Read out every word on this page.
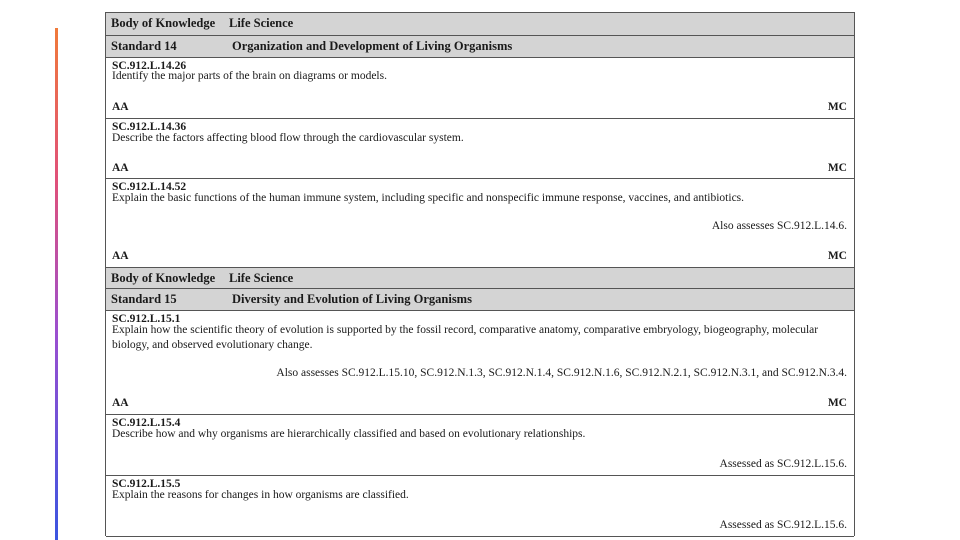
Body of Knowledge Life Science
Standard 14	Organization and Development of Living Organisms
SC.912.L.14.26
Identify the major parts of the brain on diagrams or models.
AA	MC
SC.912.L.14.36
Describe the factors affecting blood flow through the cardiovascular system.
AA	MC
SC.912.L.14.52
Explain the basic functions of the human immune system, including specific and nonspecific immune response, vaccines, and antibiotics.
Also assesses SC.912.L.14.6.
AA	MC
Body of Knowledge Life Science
Standard 15	Diversity and Evolution of Living Organisms
SC.912.L.15.1
Explain how the scientific theory of evolution is supported by the fossil record, comparative anatomy, comparative embryology, biogeography, molecular biology, and observed evolutionary change.
Also assesses SC.912.L.15.10, SC.912.N.1.3, SC.912.N.1.4, SC.912.N.1.6, SC.912.N.2.1, SC.912.N.3.1, and SC.912.N.3.4.
AA	MC
SC.912.L.15.4
Describe how and why organisms are hierarchically classified and based on evolutionary relationships.
Assessed as SC.912.L.15.6.
SC.912.L.15.5
Explain the reasons for changes in how organisms are classified.
Assessed as SC.912.L.15.6.
